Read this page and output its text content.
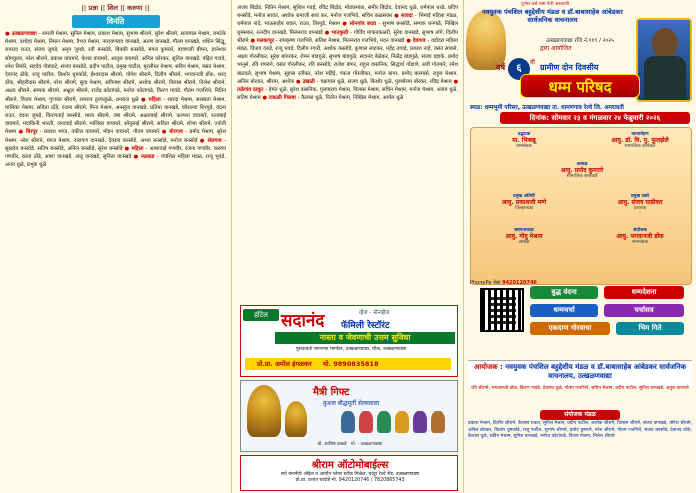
|| प्रज्ञा || शिल || करुणा ||
विनंति
● उत्खळणवाद्या - रामजी मेश्राम, सुनिल मेश्राम, प्रकाश मेश्राम, सुभाष श्रीरामे, सुरेश श्रीरामे, सत्यपाल मेश्राम, रामटेके मेश्राम, दशोहर मेश्राम, निमान मेश्राम, वैभव मेश्राम, नारायणराव वानखडे, अरुण वानखडे, गौतम वानखडे, शशिन सिद्धू, रामराव राउत, संजय जुमडे, अनूप जुमडे, रवी बनसोडे, बिक्की बनसोडे, मंगल कुमरारे, बावणजी बीमन, ज्ञानेश्वर सोमकुवर, नरेश श्रीरामे, प्रकाश वाघमारे, केशव वाघमारे, आतुल वाघमारे, अनिल कोरकर, सुनिल वानखडे, पंढ़ित गावडे, रमेश निबोरे, सहदेव गोडघाटे, संजय बनसोडे, प्रदीप पाटील, प्रमुख पाटील, मुरलीधर मेश्राम, सविन मेश्राम, बसंत मेश्राम, देवानंद ठोके, राजू पाटील, किशोर धुमकोडे, ईश्वरदास श्रीरामे, योगेश श्रीरामे, दिलीप श्रीरामे, भगवानजी डोंक, शरद डोंक, श्रीहरीदास श्रीरामे, नरेश श्रीरामे, सुदा मेश्राम, अविनाश श्रीरामे, अशोक श्रीरामे, विलास श्रीरामे, निलेश श्रीरामे, अक्षय श्रीरामे, सम्यक श्रीरामे, अक्षुल श्रीरामे, राजेंद्र कोटांगळे, मनोज कोटांगळे, किरण गावंडे, गौतम गजभिये, नितिन श्रीरामे, विजय मेश्राम, गुणवंत श्रीरामे, रामराव तुरफकुळे, धनराज धुळे ● महिला - शारदा मेश्राम, सरस्वता मेश्राम, मालिका मेश्राम, सविता ठोंडे, रंजना श्रीरामे, मिना मेश्राम, अनसूया वानखडे, प्रतिमा वानखडे, कौशल्या शिरपुडे, वंदना राउत, वंदना जुमडे, किरणताई बनसोडे, माला श्रीरामे, उषा श्रीरामे, अक्षराबाई श्रीरामे, कल्पना वाघमारे, रत्नाबाई वाघमारे, मंदाकिनी भारती, जनावाई श्रीरामे, मालिका वाघमारे, सोनुलाई श्रीरामे, सविता श्रीरामे, शोभा श्रीरामे, ज्योती मेश्राम ● बिरपूर - प्रकाश भगत, वकील वाघमारे, मोहन वाघमारे, गौतम वाघमारे ● बोरगाव - प्रमोद मेश्राम, सुरेश मेश्राम, नरेश श्रीरामे, मंगल मेश्राम, नारायण वानखडे, देवराव बनसोडे, अभय बनसोडे, मनोज बनसोडे ● शेलगाव - सुखदेव बनसोडे, सतिष बनसोडे, अनिल बनसोडे, सुरेश बनसोडे ● महिला - आशाताई गणवीर, रंजना गणवीर, करुणा गणवीर, कांता ठोंडे, आशा वानखडे, अंजू वानखडे, सुनिता वानखडे ● नळकड - पंचशिल महिला मंडळ, राजू भुवडे, अनय धुळे, प्रभुक धुळे
अजय बिंद्रोड, नितिन मेश्राम, सुशिल गवई, रविंद्र बिंद्रोड, मोडकमांक, समीर बिंद्रोड, देवानंद धुळे, धर्मपाल धरडे, प्रदिप बनसोडे, मनोज सावंत, अशोक रामाजी सावं कर, मनोज गजभिये, सचिन कळसकर ● सावदा - भिमाई महिला मंडळ, धर्मपाल नांदे, भाऊसाहेब रावल, राउत, तिरपुडे, मेश्राम ● सोनगांव बरडा - सुभाष बनसोडे, सम्यक धनगळे, निखिल धुमसकर, रत्नदीप वानखडे, मिलनराव वानखडे ● भातकुली - गोविंद माकतकळरी, सुरेश वानखडे, सुभाष तांगे, दिलीप श्रीरामे ● मलकापूर - रामकृष्ण गजभिये, सतिश मेश्राम, मिलनराव गजभिये, मदन वानखडे ● देवगाव - वडोदरा महिला मंडळ, विजय वरुडे, राजू धवडे, दिलीप रंगारी, अशोक कस्तोडे, कुणाल लाटकर, महेंद्र तायडे, प्रकाश नाहे, वसंत साबले, अक्षय गोरलीकर, सुरेश बांगरकर, रोमन बांडगुळे, सुभाष बांडगुळे, सदानंद बेळेकर, निळेंद्र बांडगुळे, संजय डहाके, प्रमोद भानुसे, रवि शंपरुगे, वसंत गोरलीकर, रवि बनसोडे, राजेश बांगर, राहुल वासनिक, सिद्धार्थ गोंडाणे, अवी गोतमारे, रमेश बाठवले, सुभाष मेश्राम, सुहास रतीकर, नरेश महिंद्रे, पंकज गोरलीकर, मनोज बांगर, प्रमोद बारमासे, राहुल मेश्राम, अनिल बोरकर, श्रीराम, अशोक ● उखळी - चक्रपाल धुळे, संजय धुळे, किशोर धुळे, पुरुषोत्तम बोरकर, रविंद्र मेश्राम ● तळेगांव ठाकूर - हेमंत धुळे, सुरेश वासनिक, गुलाबराव मेश्राम, विलास मेश्राम, सचिन मेश्राम, मनोज मेश्राम, अजय धुळे, सतिष मेश्राम ● टाकळी गिलबा - कैलास धुळे, नितीन मेश्राम, निखिल मेश्राम, अमोल धुळे
हॉटेल सदानंद	व्हेज - नॉनव्हेज
फॅमिली रेस्टॉरंट
नास्ता व जेवणाची उत्तम सुविधा
पुसदाकडे जाणाऱ्या मार्गावर, उत्खळणवाद्या, चौक, उत्खळणवाद्या
प्रो.प्रा. अमोल इंगळकर मो. 9890835818
मैत्री गिफ्ट
कुशल बौद्धमूर्ती सेल्सवाला
प्रो. आशिष वाकडे मो. - उत्खळणवाद्या
श्रीराम ऑटोमोबाईल्स
सर्व कंपनीचे ऑईल व आर्योन प्लेयर स्टॉक मिळेल, चांदूर रेल्वे रोड, उत्खळणवाद्या
प्रो.प्रा. प्रशांत चांदोडे मो. 9420120746 / 7820865743
पूर्णश कर्म धम्म फेरी अरबरणी
नवयुवक पंचशिल बहुद्देशीय मंडळ व डॉ.बाबासाहेब आंबेडकर सार्वजनिक वाचनालय
उत्खळणवाद्या रजि.नं.११९ / २०२५
द्वारा आयोजित
वर्ष	६
वी
ग्रामीण दोन दिवसीय
धम्म परिषद
स्थळ: धम्मभूमी परिसर, उत्खळणवाद्या ता. धामणगाव रेल्वे जि. अमरावती
दिनांक: सोमवार २३ व मंगळवार २४ फेब्रुवारी २०२६
उद्घाटक
मा. भिक्खू
धम्मसेवक
ध्वजारोहण
आयु. डॉ. वि. पु. फुलझेले
सामाजिक कार्यकर्ते
अध्यक्ष
आयु. प्रमोद कुमरारे
सामाजिक कार्यकर्ते
प्रमुख अतिथी
आयु. प्रकाशजी मग्गे
जिल्हाध्यक्ष
प्रमुख वक्ते
आयु. संजय घाडीकर
प्रचारक
स्वागताध्यक्ष
आयु. गोदु मेश्राम
अध्यक्ष
संयोजक
आयु. भगवानजी डोंक
समन्वयक
PhonePe पेसा 9420120746
बुद्ध वंदना	धम्मदेशना
धम्मचर्चा	चर्चासत्र
एकदाण गोरवाचा	भिम गिते
आयोजक : नवयुवक पंचशिल बहुद्देशीय मंडळ व डॉ.बाबासाहेब आंबेडकर सार्वजनिक वाचनालय, उत्खळणवाद्या
रवि श्रीरामे, भगवानजी डोंक, किरण गावंडे, देवानंद धुळे, गौतम गजभिये, सचिन मेश्राम, प्रदीप पाटील, सुनिल वानखडे, अतुल वाघमारे
संयोजक मंडळ
प्रकाश मेश्राम, दिलीप श्रीरामे, कैलास राऊत, सुनिल मेश्राम, प्रदीप पाटील, अशोक श्रीरामे, विलास श्रीरामे, संजय वानखडे, योगेश श्रीरामे, अनिल बोरकर, किशोर धुमकोडे, राजू पाटील, सुभाष श्रीरामे, प्रमोद कुमरारे, नरेश श्रीरामे, गौतम गजभिये, संजय बनसोडे, देवानंद ठोके, कैलास धुळे, सविन मेश्राम, सुनिल वानखडे, मनोज कोटांगळे, विजय मेश्राम, निलेश श्रीरामे
